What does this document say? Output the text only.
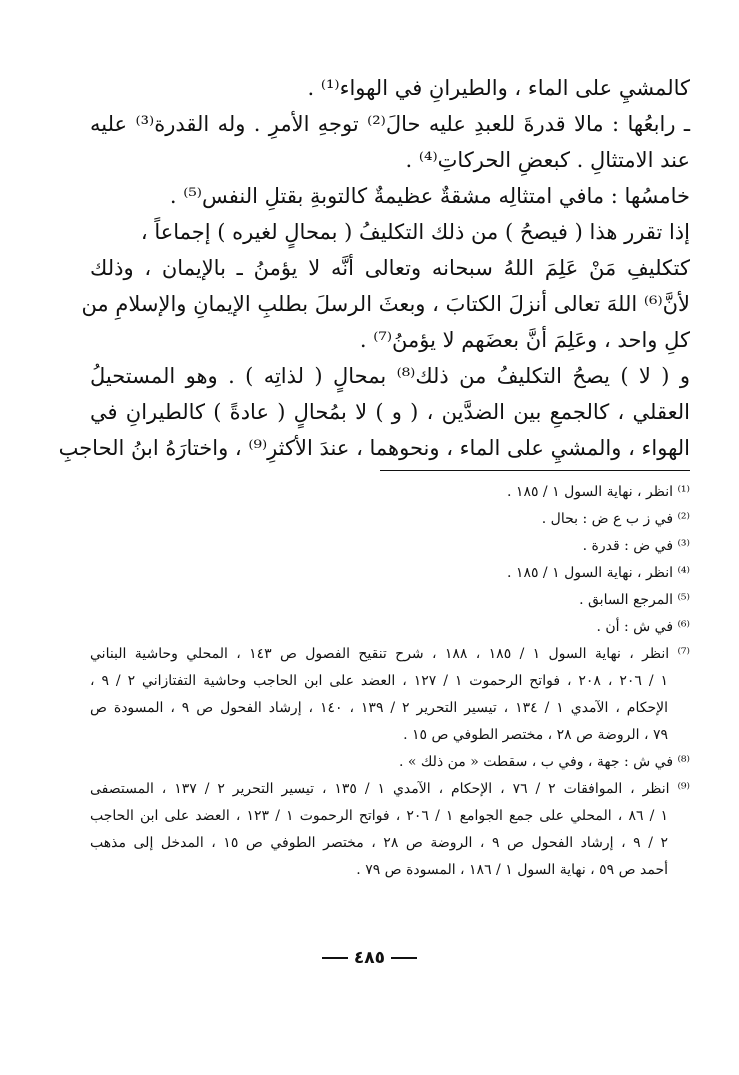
كالمشيِ على الماء ، والطيرانِ في الهواء⁽¹⁾ .
ـ رابعُها : مالا قدرةَ للعبدِ عليه حالَ⁽²⁾ توجهِ الأمرِ . وله القدرة⁽³⁾ عليه
عند الامتثالِ . كبعضِ الحركاتِ⁽⁴⁾ .
خامسُها : مافي امتثالِه مشقةٌ عظيمةٌ كالتوبةِ بقتلِ النفس⁽⁵⁾ .
إذا تقرر هذا ( فيصحُ ) من ذلك التكليفُ ( بمحالٍ لغيره ) إجماعاً ،
كتكليفِ مَنْ عَلِمَ اللهُ سبحانه وتعالى أنَّه لا يؤمنُ ـ بالإيمان ، وذلك
لأنَّ⁽⁶⁾ اللهَ تعالى أنزلَ الكتابَ ، وبعثَ الرسلَ بطلبِ الإيمانِ والإسلامِ من
كلِ واحد ، وعَلِمَ أنَّ بعضَهم لا يؤمنُ⁽⁷⁾ .
و ( لا ) يصحُ التكليفُ من ذلك⁽⁸⁾ بمحالٍ ( لذاتِه ) . وهو المستحيلُ
العقلي ، كالجمعِ بين الضدَّين ، ( و ) لا بمُحالٍ ( عادةً ) كالطيرانِ في
الهواء ، والمشيِ على الماء ، ونحوهما ، عندَ الأكثرِ⁽⁹⁾ ، واختارَهُ ابنُ الحاجبِ
⁽¹⁾ انظر ، نهاية السول ١ / ١٨٥ .
⁽²⁾ في ز ب ع ض : بحال .
⁽³⁾ في ض : قدرة .
⁽⁴⁾ انظر ، نهاية السول ١ / ١٨٥ .
⁽⁵⁾ المرجع السابق .
⁽⁶⁾ في ش : أن .
⁽⁷⁾ انظر ، نهاية السول ١ / ١٨٥ ، ١٨٨ ، شرح تنقيح الفصول ص ١٤٣ ، المحلي وحاشية البناني
١ / ٢٠٦ ، ٢٠٨ ، فواتح الرحموت ١ / ١٢٧ ، العضد على ابن الحاجب وحاشية التفتازاني ٢ / ٩ ،
الإحكام ، الآمدي ١ / ١٣٤ ، تيسير التحرير ٢ / ١٣٩ ، ١٤٠ ، إرشاد الفحول ص ٩ ، المسودة ص
٧٩ ، الروضة ص ٢٨ ، مختصر الطوفي ص ١٥ .
⁽⁸⁾ في ش : جهة ، وفي ب ، سقطت « من ذلك » .
⁽⁹⁾ انظر ، الموافقات ٢ / ٧٦ ، الإحكام ، الآمدي ١ / ١٣٥ ، تيسير التحرير ٢ / ١٣٧ ، المستصفى
١ / ٨٦ ، المحلي على جمع الجوامع ١ / ٢٠٦ ، فواتح الرحموت ١ / ١٢٣ ، العضد على ابن الحاجب
٢ / ٩ ، إرشاد الفحول ص ٩ ، الروضة ص ٢٨ ، مختصر الطوفي ص ١٥ ، المدخل إلى مذهب
أحمد ص ٥٩ ، نهاية السول ١ / ١٨٦ ، المسودة ص ٧٩ .
٤٨٥
